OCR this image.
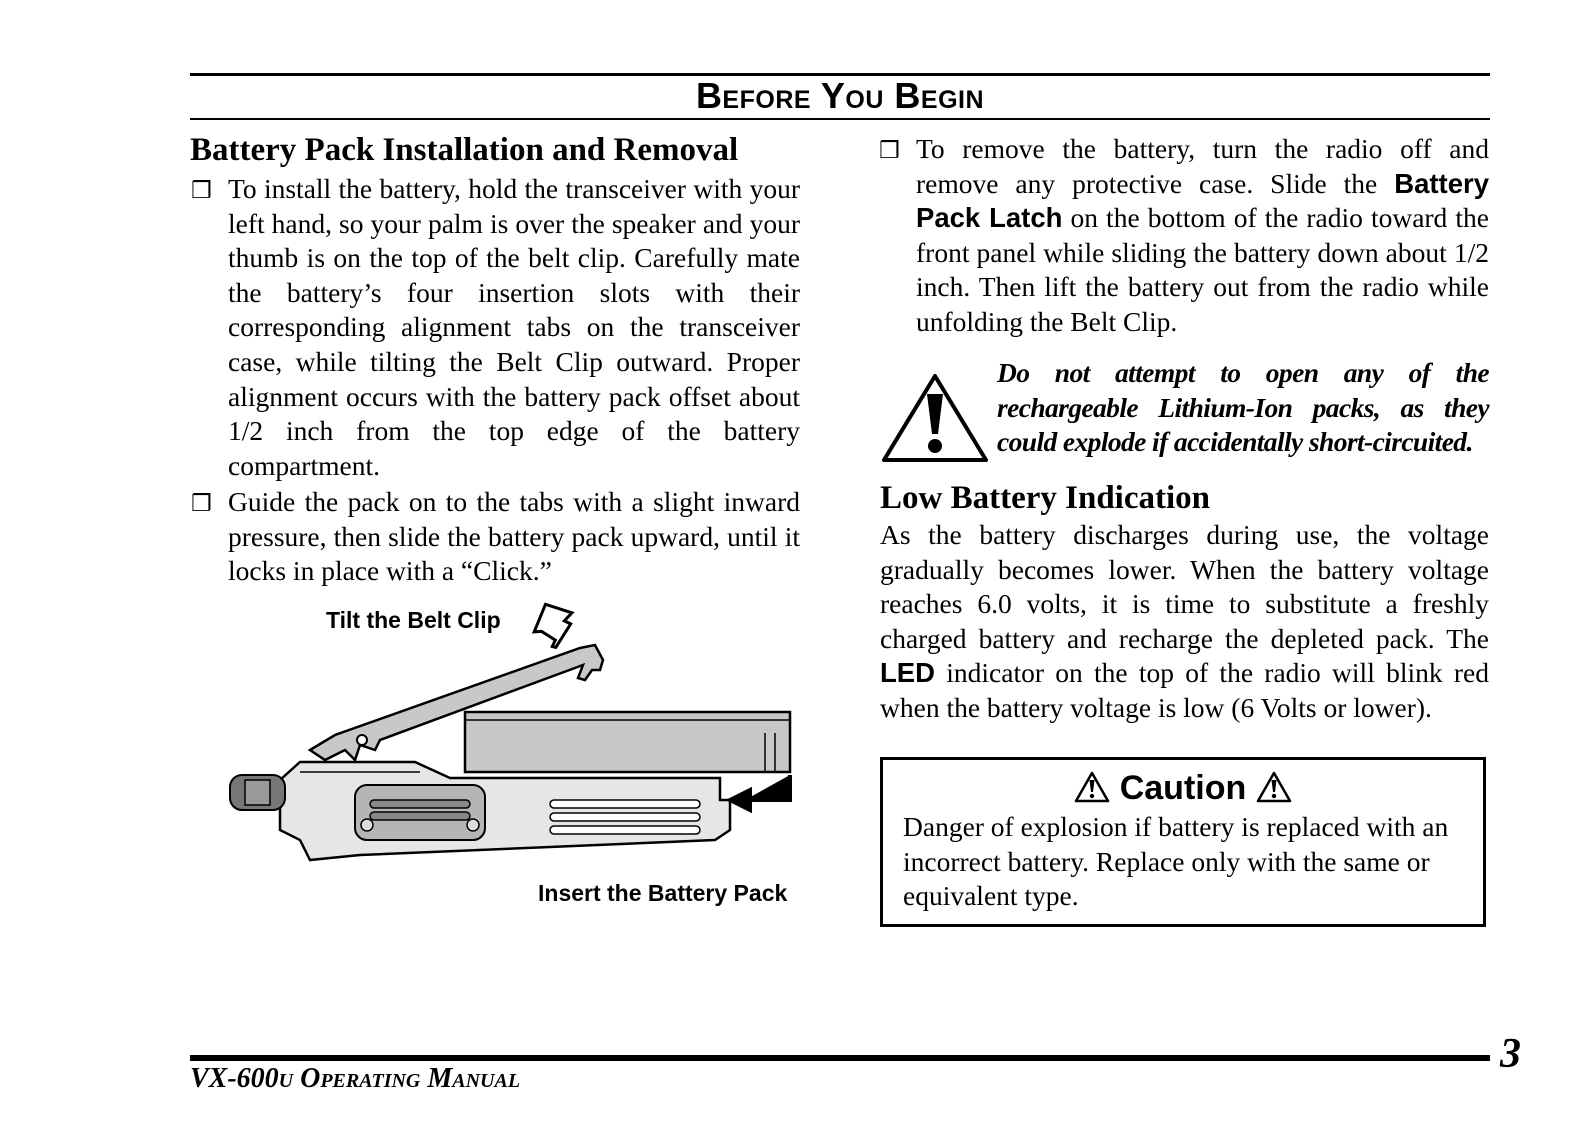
Before You Begin
Battery Pack Installation and Removal
❒ To install the battery, hold the transceiver with your left hand, so your palm is over the speaker and your thumb is on the top of the belt clip. Carefully mate the battery’s four insertion slots with their corresponding alignment tabs on the transceiver case, while tilting the Belt Clip outward. Proper alignment occurs with the battery pack offset about 1/2 inch from the top edge of the battery compartment.
❒ Guide the pack on to the tabs with a slight inward pressure, then slide the battery pack upward, until it locks in place with a “Click.”
Tilt the Belt Clip
Insert the Battery Pack
❒ To remove the battery, turn the radio off and remove any protective case. Slide the Battery Pack Latch on the bottom of the radio toward the front panel while sliding the battery down about 1/2 inch. Then lift the battery out from the radio while unfolding the Belt Clip.
Do not attempt to open any of the rechargeable Lithium-Ion packs, as they could explode if accidentally short-circuited.
Low Battery Indication
As the battery discharges during use, the voltage gradually becomes lower. When the battery voltage reaches 6.0 volts, it is time to substitute a freshly charged battery and recharge the depleted pack. The LED indicator on the top of the radio will blink red when the battery voltage is low (6 Volts or lower).
Caution
Danger of explosion if battery is replaced with an incorrect battery. Replace only with the same or equivalent type.
VX-600u Operating Manual
3
